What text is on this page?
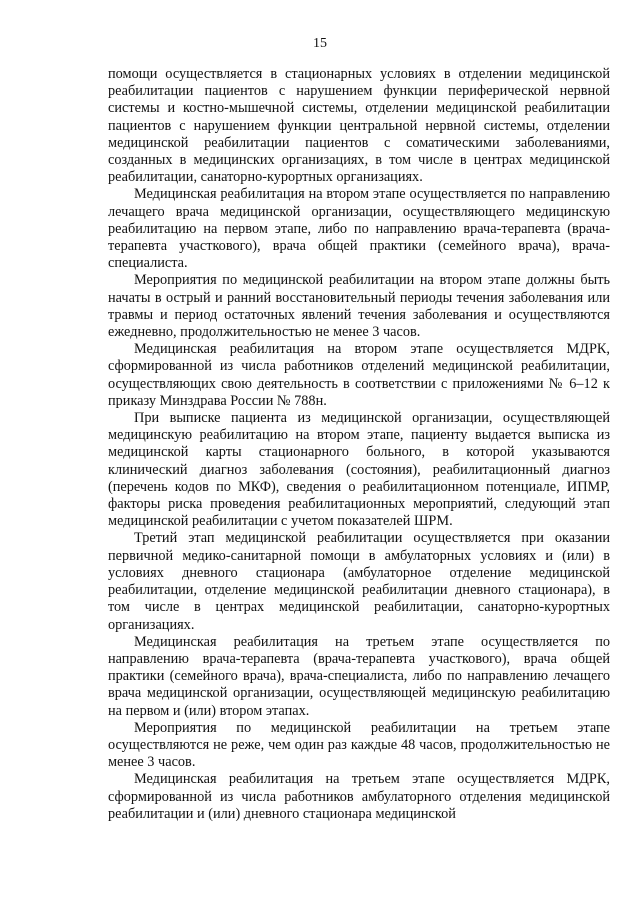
15

помощи осуществляется в стационарных условиях в отделении медицинской реабилитации пациентов с нарушением функции периферической нервной системы и костно-мышечной системы, отделении медицинской реабилитации пациентов с нарушением функции центральной нервной системы, отделении медицинской реабилитации пациентов с соматическими заболеваниями, созданных в медицинских организациях, в том числе в центрах медицинской реабилитации, санаторно-курортных организациях.

Медицинская реабилитация на втором этапе осуществляется по направлению лечащего врача медицинской организации, осуществляющего медицинскую реабилитацию на первом этапе, либо по направлению врача-терапевта (врача-терапевта участкового), врача общей практики (семейного врача), врача-специалиста.

Мероприятия по медицинской реабилитации на втором этапе должны быть начаты в острый и ранний восстановительный периоды течения заболевания или травмы и период остаточных явлений течения заболевания и осуществляются ежедневно, продолжительностью не менее 3 часов.

Медицинская реабилитация на втором этапе осуществляется МДРК, сформированной из числа работников отделений медицинской реабилитации, осуществляющих свою деятельность в соответствии с приложениями № 6–12 к приказу Минздрава России № 788н.

При выписке пациента из медицинской организации, осуществляющей медицинскую реабилитацию на втором этапе, пациенту выдается выписка из медицинской карты стационарного больного, в которой указываются клинический диагноз заболевания (состояния), реабилитационный диагноз (перечень кодов по МКФ), сведения о реабилитационном потенциале, ИПМР, факторы риска проведения реабилитационных мероприятий, следующий этап медицинской реабилитации с учетом показателей ШРМ.

Третий этап медицинской реабилитации осуществляется при оказании первичной медико-санитарной помощи в амбулаторных условиях и (или) в условиях дневного стационара (амбулаторное отделение медицинской реабилитации, отделение медицинской реабилитации дневного стационара), в том числе в центрах медицинской реабилитации, санаторно-курортных организациях.

Медицинская реабилитация на третьем этапе осуществляется по направлению врача-терапевта (врача-терапевта участкового), врача общей практики (семейного врача), врача-специалиста, либо по направлению лечащего врача медицинской организации, осуществляющей медицинскую реабилитацию на первом и (или) втором этапах.

Мероприятия по медицинской реабилитации на третьем этапе осуществляются не реже, чем один раз каждые 48 часов, продолжительностью не менее 3 часов.

Медицинская реабилитация на третьем этапе осуществляется МДРК, сформированной из числа работников амбулаторного отделения медицинской реабилитации и (или) дневного стационара медицинской
